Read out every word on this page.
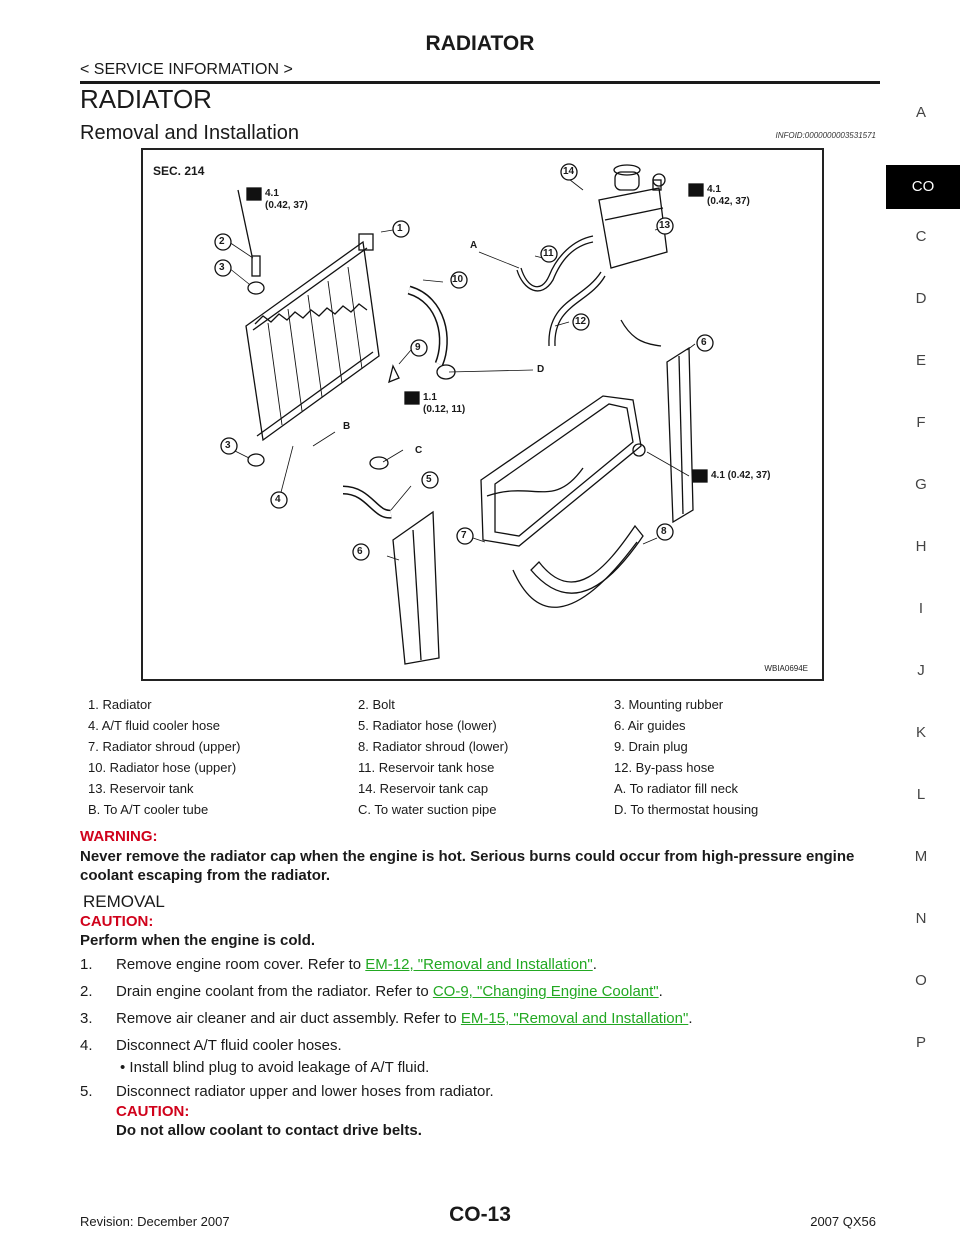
RADIATOR
< SERVICE INFORMATION >
RADIATOR
Removal and Installation	INFOID:0000000003531571
SEC. 214
WBIA0694E
4.1
(0.42, 37)
4.1
(0.42, 37)
1.1
(0.12, 11)
4.1 (0.42, 37)
A
B
C
D
1
2
3
4
5
6
7	8
9
10
11
12
13
14
3
6
1. Radiator	2. Bolt	3. Mounting rubber
4. A/T fluid cooler hose	5. Radiator hose (lower)	6. Air guides
7. Radiator shroud (upper)	8. Radiator shroud (lower)	9. Drain plug
10. Radiator hose (upper)	11. Reservoir tank hose	12. By-pass hose
13. Reservoir tank	14. Reservoir tank cap	A. To radiator fill neck
B. To A/T cooler tube	C. To water suction pipe	D. To thermostat housing
WARNING:
Never remove the radiator cap when the engine is hot. Serious burns could occur from high-pressure engine coolant escaping from the radiator.
REMOVAL
CAUTION:
Perform when the engine is cold.
1. Remove engine room cover. Refer to EM-12, "Removal and Installation".
2. Drain engine coolant from the radiator. Refer to CO-9, "Changing Engine Coolant".
3. Remove air cleaner and air duct assembly. Refer to EM-15, "Removal and Installation".
4. Disconnect A/T fluid cooler hoses.
• Install blind plug to avoid leakage of A/T fluid.
5. Disconnect radiator upper and lower hoses from radiator.
CAUTION:
Do not allow coolant to contact drive belts.
A
CO
C
D
E
F
G
H
I
J
K
L
M
N
O
P
Revision: December 2007	CO-13	2007 QX56
